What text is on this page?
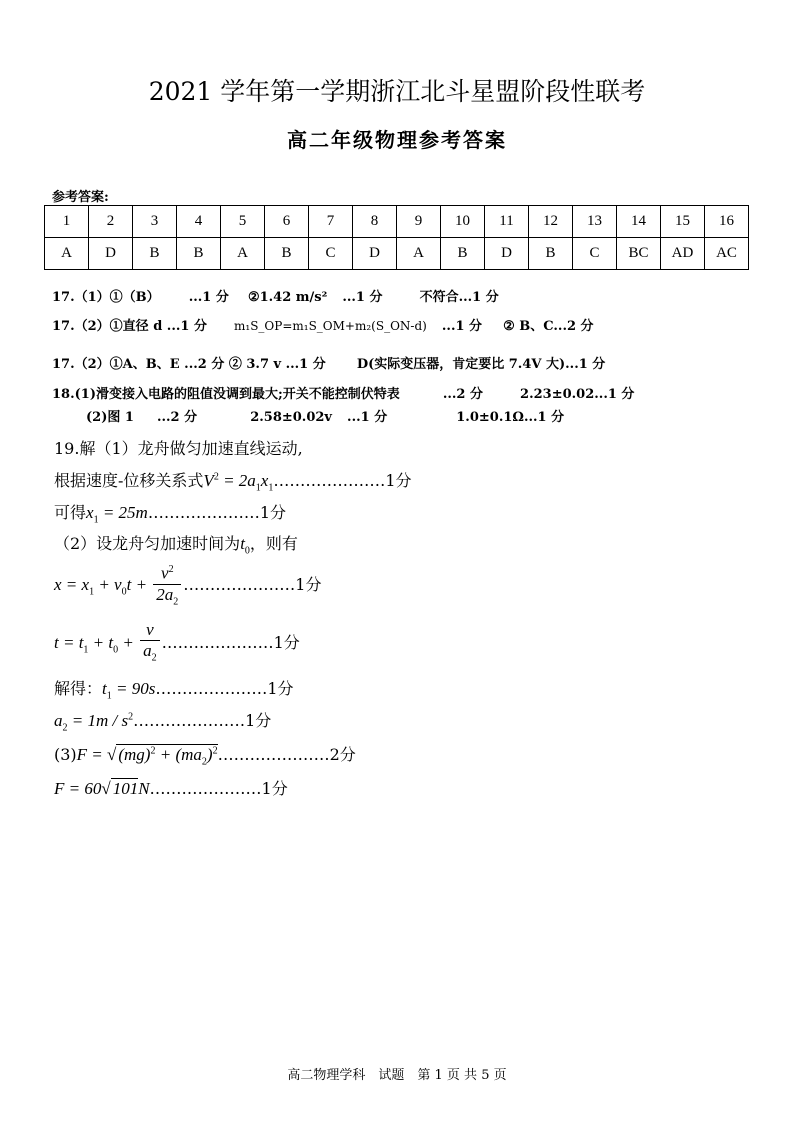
2021 学年第一学期浙江北斗星盟阶段性联考
高二年级物理参考答案
参考答案:
1	2	3	4	5	6	7	8	9	10	11	12	13	14	15	16
A	D	B	B	A	B	C	D	A	B	D	B	C	BC	AD	AC
17.（1）①（B） ...1 分 ②1.42 m/s² ...1 分	不符合...1 分
17.（2）①直径 d ...1 分 m₁S_OP=m₁S_OM+m₂(S_ON-d) ...1 分 ② B、C...2 分
17.（2）①A、B、E ...2 分 ② 3.7 v ...1 分 D(实际变压器，肯定要比 7.4V 大)...1 分
18.(1)滑变接入电路的阻值没调到最大;开关不能控制伏特表	...2 分	2.23±0.02...1 分
(2)图 1 ...2 分	2.58±0.02v ...1 分	1.0±0.1Ω...1 分
19.解（1）龙舟做匀加速直线运动,
根据速度-位移关系式$V^2$ = $2a_1x_1\dots\dots\dots\dots\dots\dots\dots 1$分
可得$x_1$ = 25m…………………1分
（2）设龙舟匀加速时间为$t_0$，则有
$x = x_1 + v_0t + \frac{v^2}{2a_2}$ …………………1分
$t = t_1 + t_0 + \frac{v}{a_2}$ …………………1分
解得：$t_1$ = 90s…………………1分
$a_2 = 1m$ / $s^2\dots\dots\dots\dots\dots\dots\dots 1$分
(3)F = √ $(mg)^2 + (ma_2)^2\dots\dots\dots\dots\dots\dots\dots 2$分
F = 60√ 101N…………………1分
高二物理学科　试题　第 1 页 共 5 页
